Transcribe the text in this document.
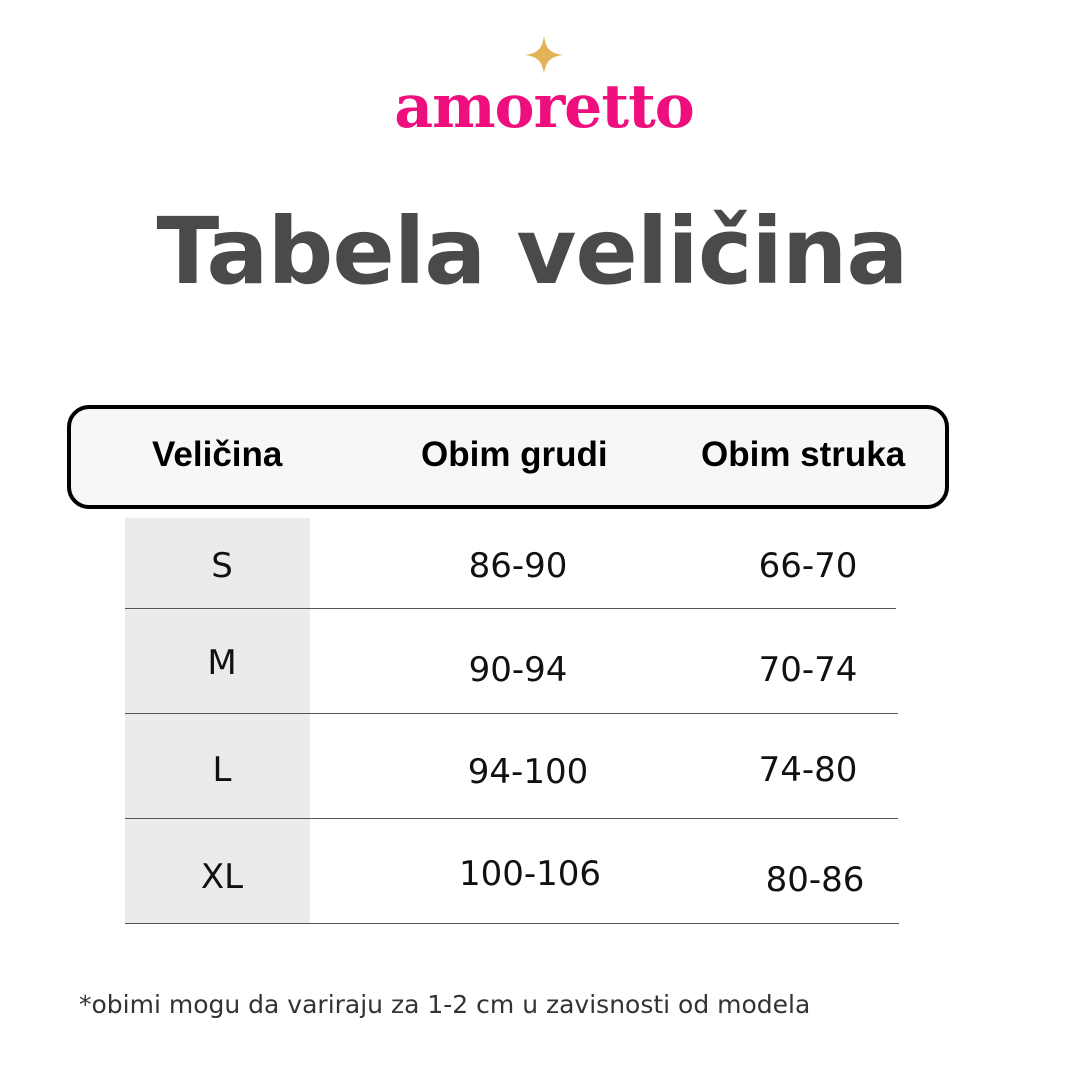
amoretto
Tabela veličina
Veličina	Obim grudi	Obim struka
S	86-90	66-70
M	90-94	70-74
L	94-100	74-80
XL	100-106	80-86
*obimi mogu da variraju za 1-2 cm u zavisnosti od modela
